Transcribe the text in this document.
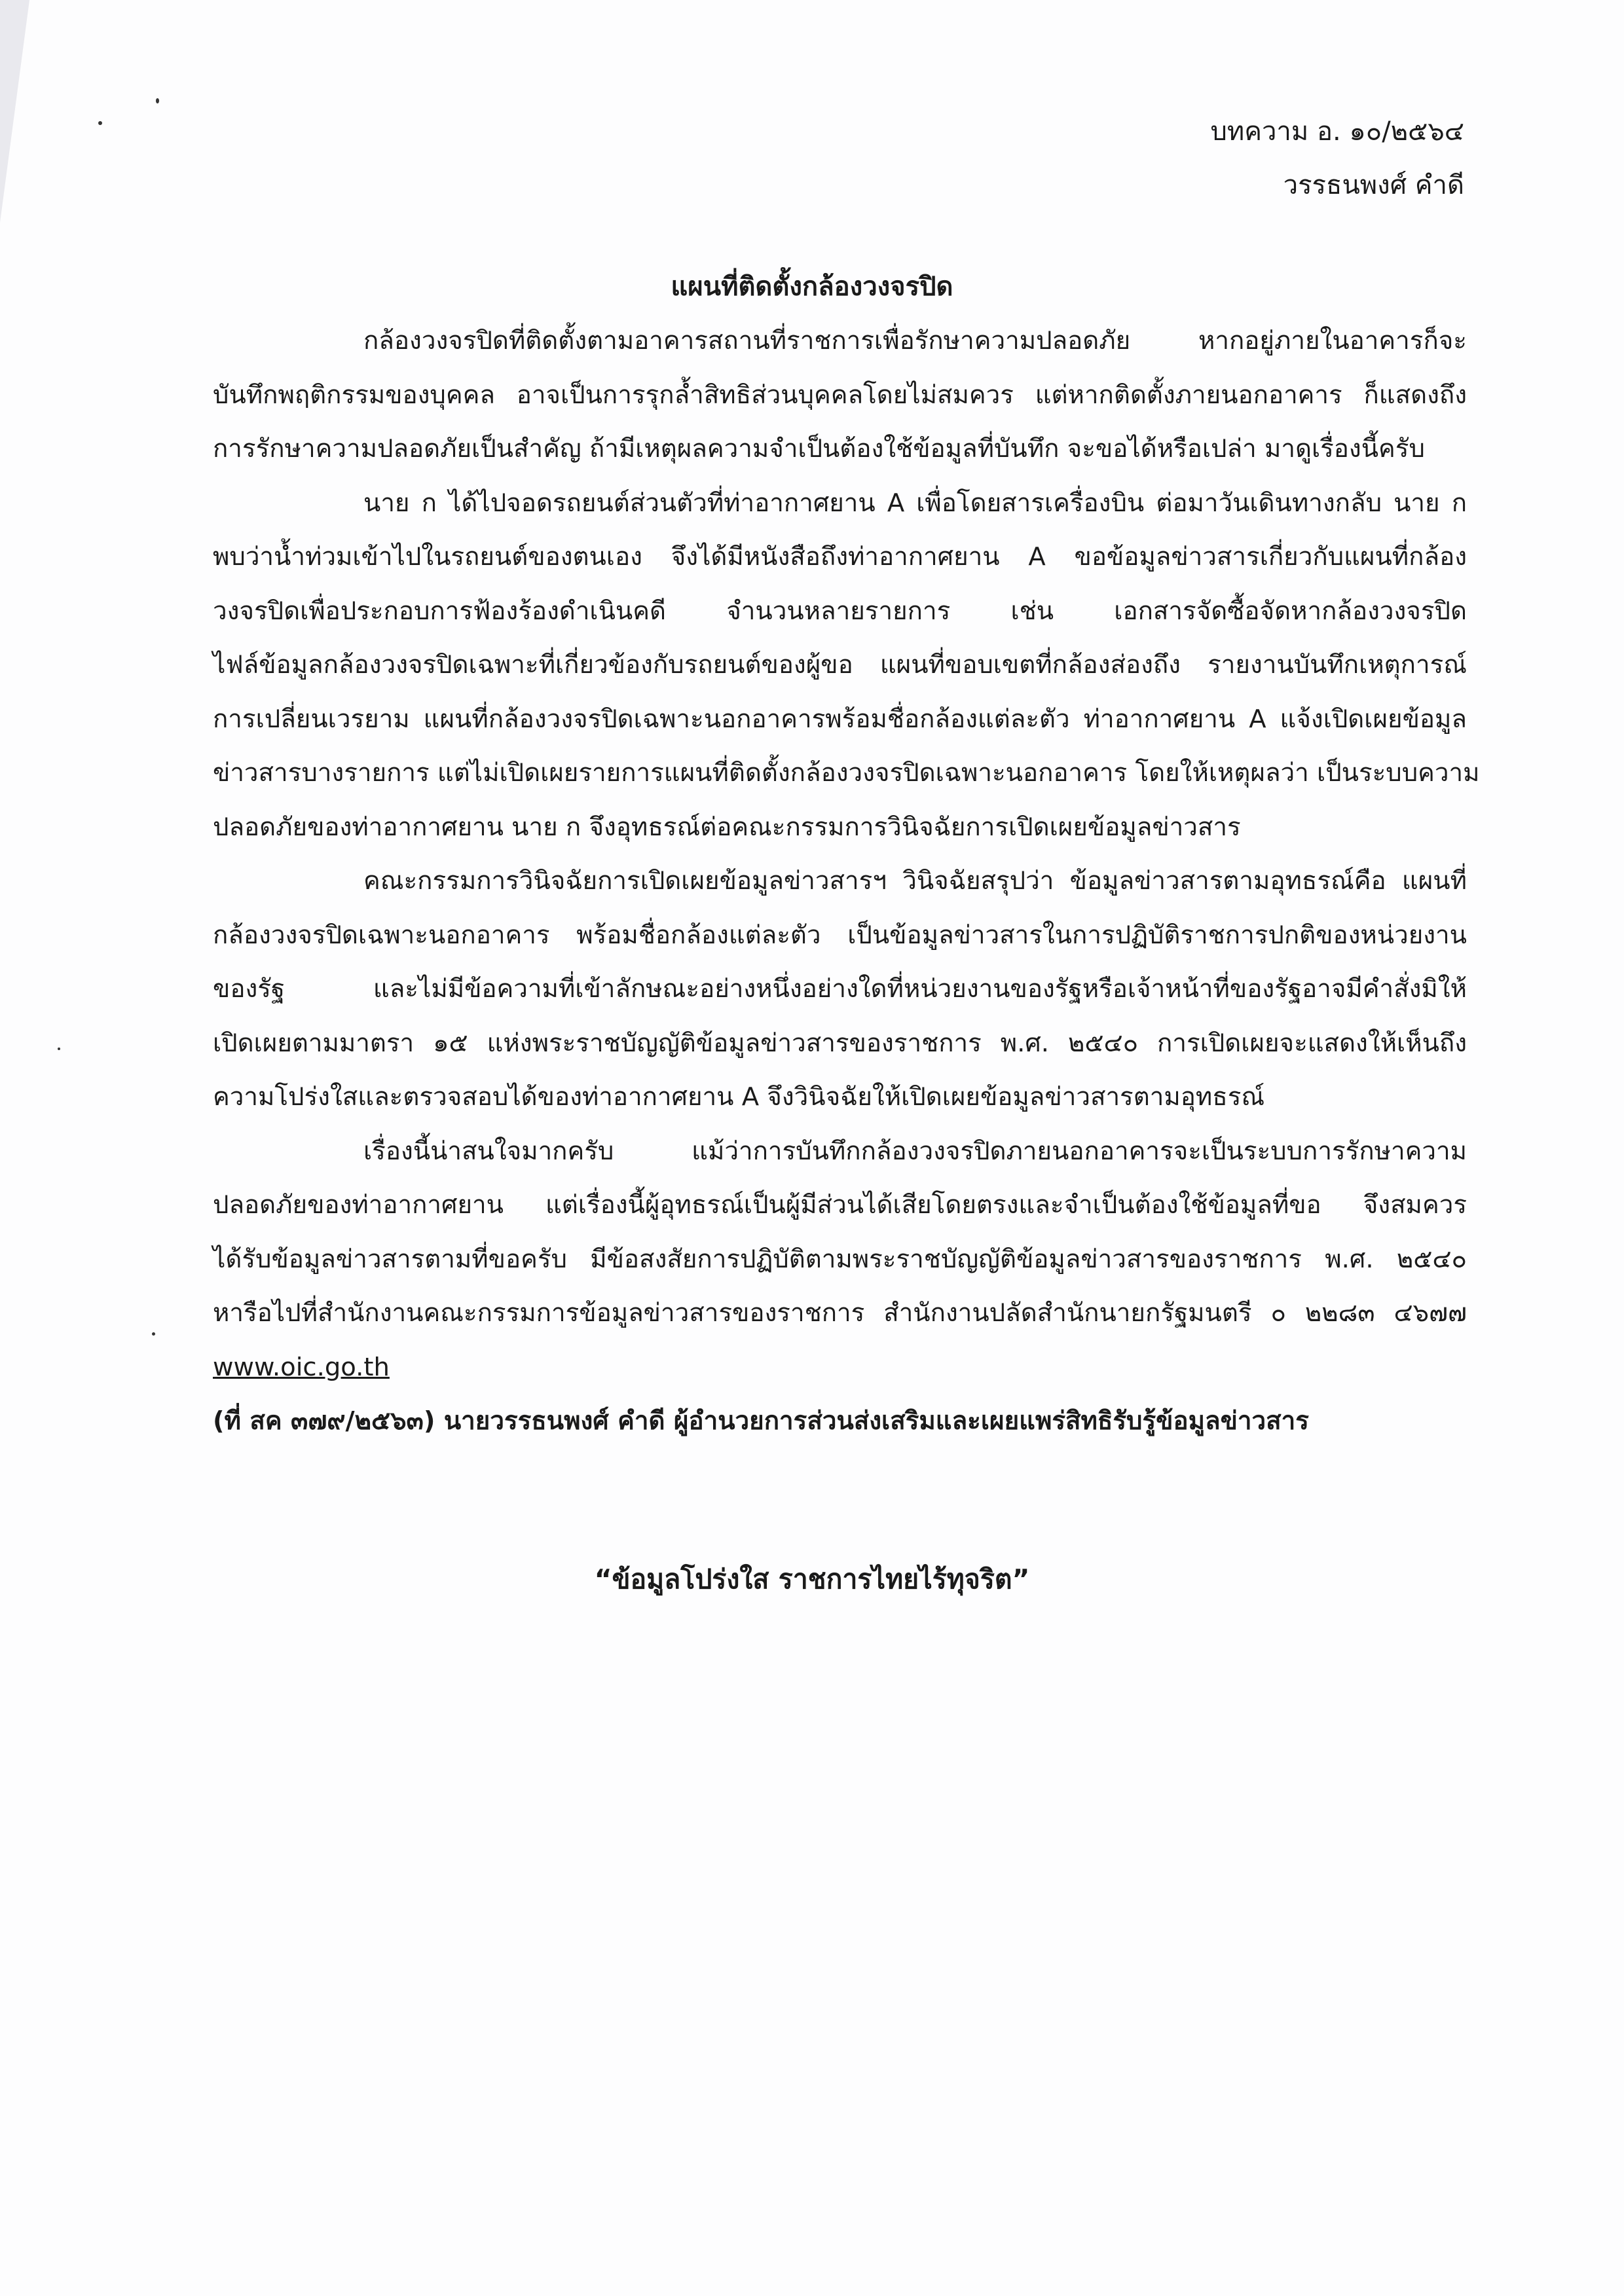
บทความ อ. ๑๐/๒๕๖๔
วรรธนพงศ์ คำดี
แผนที่ติดตั้งกล้องวงจรปิด
กล้องวงจรปิดที่ติดตั้งตามอาคารสถานที่ราชการเพื่อรักษาความปลอดภัย หากอยู่ภายในอาคารก็จะ
บันทึกพฤติกรรมของบุคคล อาจเป็นการรุกล้ำสิทธิส่วนบุคคลโดยไม่สมควร แต่หากติดตั้งภายนอกอาคาร ก็แสดงถึง
การรักษาความปลอดภัยเป็นสำคัญ ถ้ามีเหตุผลความจำเป็นต้องใช้ข้อมูลที่บันทึก จะขอได้หรือเปล่า มาดูเรื่องนี้ครับ
นาย ก ได้ไปจอดรถยนต์ส่วนตัวที่ท่าอากาศยาน A เพื่อโดยสารเครื่องบิน ต่อมาวันเดินทางกลับ นาย ก
พบว่าน้ำท่วมเข้าไปในรถยนต์ของตนเอง จึงได้มีหนังสือถึงท่าอากาศยาน A ขอข้อมูลข่าวสารเกี่ยวกับแผนที่กล้อง
วงจรปิดเพื่อประกอบการฟ้องร้องดำเนินคดี จำนวนหลายรายการ เช่น เอกสารจัดซื้อจัดหากล้องวงจรปิด
ไฟล์ข้อมูลกล้องวงจรปิดเฉพาะที่เกี่ยวข้องกับรถยนต์ของผู้ขอ แผนที่ขอบเขตที่กล้องส่องถึง รายงานบันทึกเหตุการณ์
การเปลี่ยนเวรยาม แผนที่กล้องวงจรปิดเฉพาะนอกอาคารพร้อมชื่อกล้องแต่ละตัว ท่าอากาศยาน A แจ้งเปิดเผยข้อมูล
ข่าวสารบางรายการ แต่ไม่เปิดเผยรายการแผนที่ติดตั้งกล้องวงจรปิดเฉพาะนอกอาคาร โดยให้เหตุผลว่า เป็นระบบความ
ปลอดภัยของท่าอากาศยาน นาย ก จึงอุทธรณ์ต่อคณะกรรมการวินิจฉัยการเปิดเผยข้อมูลข่าวสาร
คณะกรรมการวินิจฉัยการเปิดเผยข้อมูลข่าวสารฯ วินิจฉัยสรุปว่า ข้อมูลข่าวสารตามอุทธรณ์คือ แผนที่
กล้องวงจรปิดเฉพาะนอกอาคาร พร้อมชื่อกล้องแต่ละตัว เป็นข้อมูลข่าวสารในการปฏิบัติราชการปกติของหน่วยงาน
ของรัฐ และไม่มีข้อความที่เข้าลักษณะอย่างหนึ่งอย่างใดที่หน่วยงานของรัฐหรือเจ้าหน้าที่ของรัฐอาจมีคำสั่งมิให้
เปิดเผยตามมาตรา ๑๕ แห่งพระราชบัญญัติข้อมูลข่าวสารของราชการ พ.ศ. ๒๕๔๐ การเปิดเผยจะแสดงให้เห็นถึง
ความโปร่งใสและตรวจสอบได้ของท่าอากาศยาน A จึงวินิจฉัยให้เปิดเผยข้อมูลข่าวสารตามอุทธรณ์
เรื่องนี้น่าสนใจมากครับ แม้ว่าการบันทึกกล้องวงจรปิดภายนอกอาคารจะเป็นระบบการรักษาความ
ปลอดภัยของท่าอากาศยาน แต่เรื่องนี้ผู้อุทธรณ์เป็นผู้มีส่วนได้เสียโดยตรงและจำเป็นต้องใช้ข้อมูลที่ขอ จึงสมควร
ได้รับข้อมูลข่าวสารตามที่ขอครับ มีข้อสงสัยการปฏิบัติตามพระราชบัญญัติข้อมูลข่าวสารของราชการ พ.ศ. ๒๕๔๐
หารือไปที่สำนักงานคณะกรรมการข้อมูลข่าวสารของราชการ สำนักงานปลัดสำนักนายกรัฐมนตรี ๐ ๒๒๘๓ ๔๖๗๗
www.oic.go.th
(ที่ สค ๓๗๙/๒๕๖๓) นายวรรธนพงศ์ คำดี ผู้อำนวยการส่วนส่งเสริมและเผยแพร่สิทธิรับรู้ข้อมูลข่าวสาร
“ข้อมูลโปร่งใส ราชการไทยไร้ทุจริต”
